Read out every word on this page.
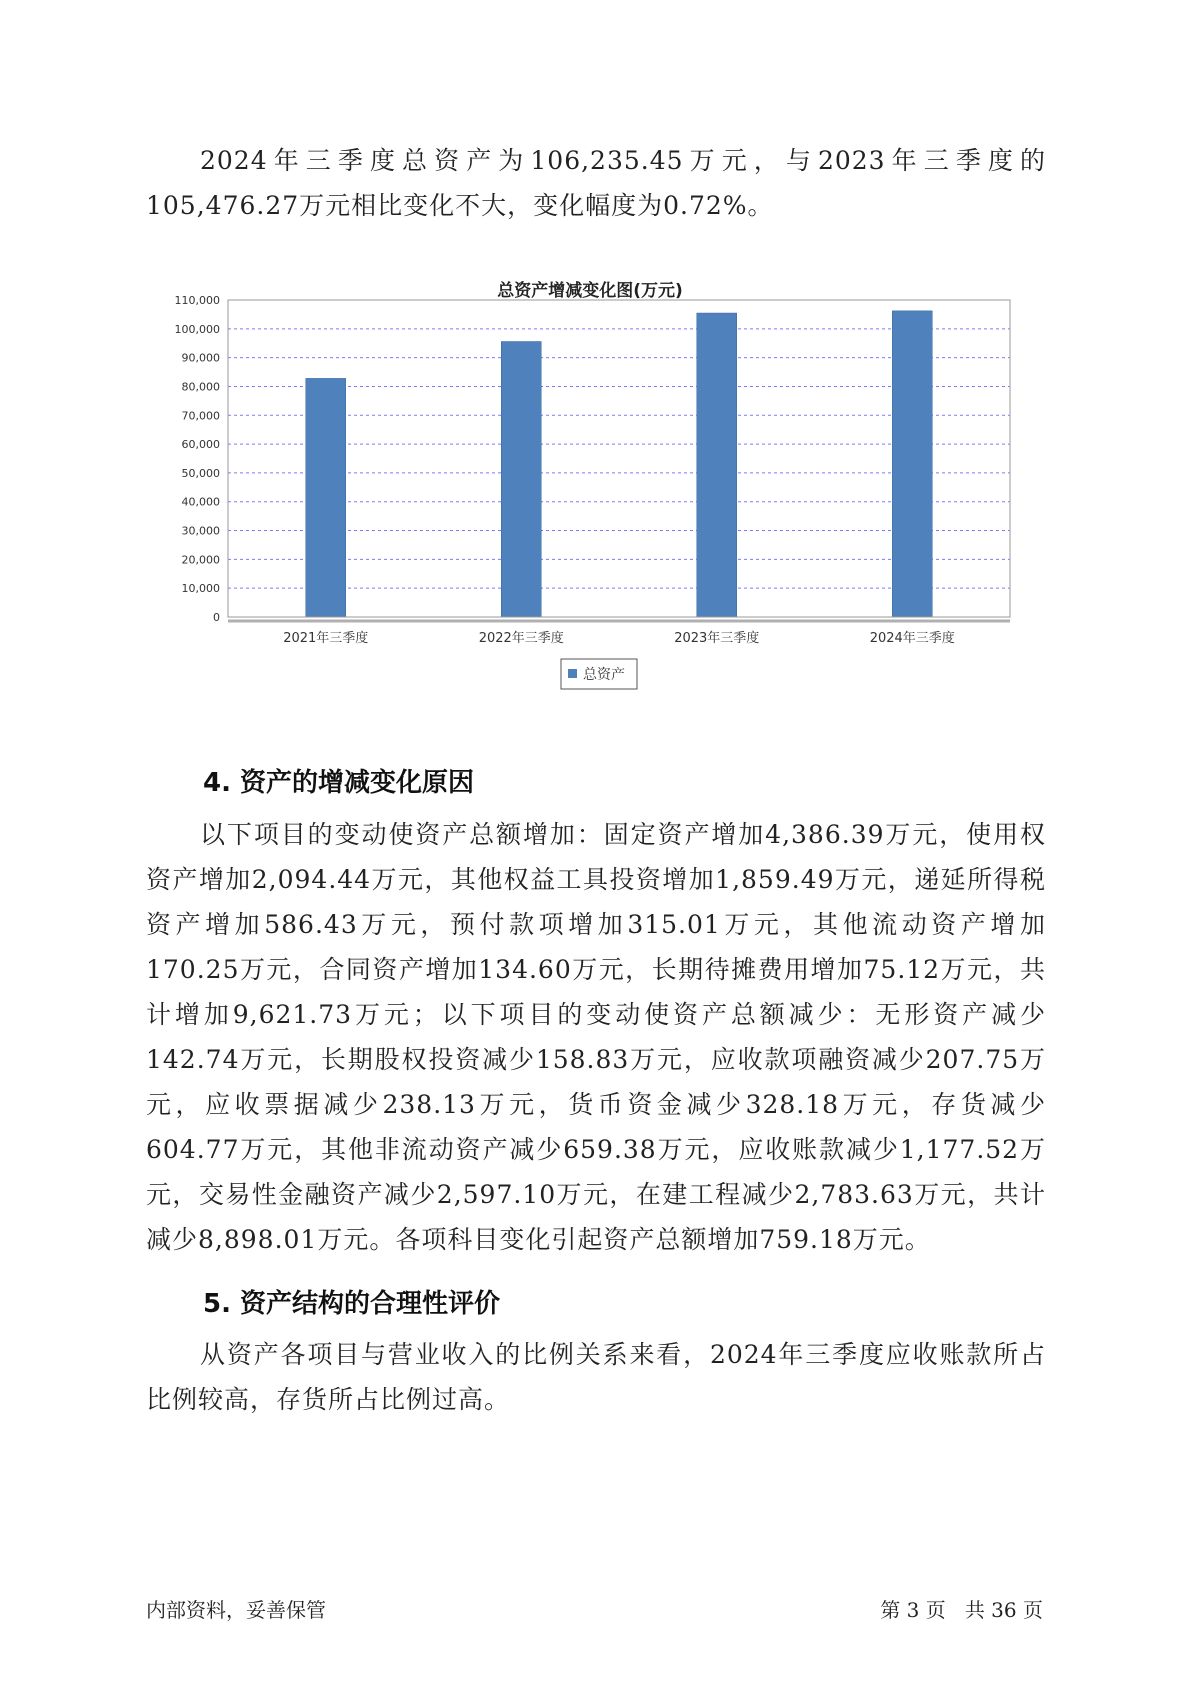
2024年三季度总资产为106,235.45万元，与2023年三季度的105,476.27万元相比变化不大，变化幅度为0.72%。

总资产增减变化图(万元)
0
10,000
20,000
30,000
40,000
50,000
60,000
70,000
80,000
90,000
100,000
110,000
2021年三季度	2022年三季度	2023年三季度	2024年三季度
总资产
4. 资产的增减变化原因

以下项目的变动使资产总额增加：固定资产增加4,386.39万元，使用权资产增加2,094.44万元，其他权益工具投资增加1,859.49万元，递延所得税资产增加586.43万元，预付款项增加315.01万元，其他流动资产增加170.25万元，合同资产增加134.60万元，长期待摊费用增加75.12万元，共计增加9,621.73万元；以下项目的变动使资产总额减少：无形资产减少142.74万元，长期股权投资减少158.83万元，应收款项融资减少207.75万元，应收票据减少238.13万元，货币资金减少328.18万元，存货减少604.77万元，其他非流动资产减少659.38万元，应收账款减少1,177.52万元，交易性金融资产减少2,597.10万元，在建工程减少2,783.63万元，共计减少8,898.01万元。各项科目变化引起资产总额增加759.18万元。

5. 资产结构的合理性评价

从资产各项目与营业收入的比例关系来看，2024年三季度应收账款所占比例较高，存货所占比例过高。

内部资料，妥善保管	第 3 页   共 36 页
